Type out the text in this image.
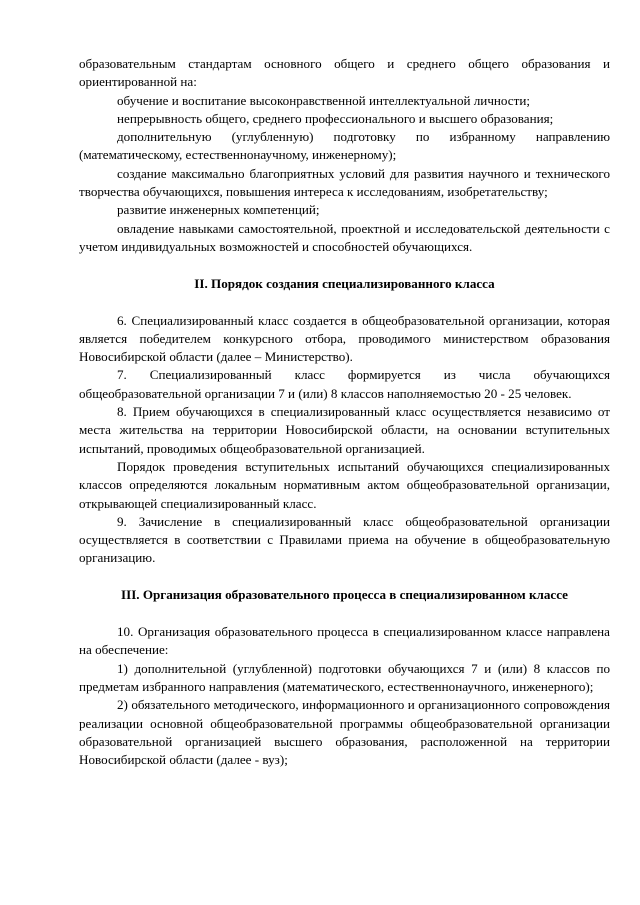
образовательным стандартам основного общего и среднего общего образования и ориентированной на:

обучение и воспитание высоконравственной интеллектуальной личности;

непрерывность общего, среднего профессионального и высшего образования;

дополнительную (углубленную) подготовку по избранному направлению (математическому, естественнонаучному, инженерному);

создание максимально благоприятных условий для развития научного и технического творчества обучающихся, повышения интереса к исследованиям, изобретательству;

развитие инженерных компетенций;

овладение навыками самостоятельной, проектной и исследовательской деятельности с учетом индивидуальных возможностей и способностей обучающихся.

II. Порядок создания специализированного класса

6. Специализированный класс создается в общеобразовательной организации, которая является победителем конкурсного отбора, проводимого министерством образования Новосибирской области (далее – Министерство).

7. Специализированный класс формируется из числа обучающихся общеобразовательной организации 7 и (или) 8 классов наполняемостью 20 - 25 человек.

8. Прием обучающихся в специализированный класс осуществляется независимо от места жительства на территории Новосибирской области, на основании вступительных испытаний, проводимых общеобразовательной организацией.

Порядок проведения вступительных испытаний обучающихся специализированных классов определяются локальным нормативным актом общеобразовательной организации, открывающей специализированный класс.

9. Зачисление в специализированный класс общеобразовательной организации осуществляется в соответствии с Правилами приема на обучение в общеобразовательную организацию.

III. Организация образовательного процесса в специализированном классе

10. Организация образовательного процесса в специализированном классе направлена на обеспечение:

1) дополнительной (углубленной) подготовки обучающихся 7 и (или) 8 классов по предметам избранного направления (математического, естественнонаучного, инженерного);

2) обязательного методического, информационного и организационного сопровождения реализации основной общеобразовательной программы общеобразовательной организации образовательной организацией высшего образования, расположенной на территории Новосибирской области (далее - вуз);
